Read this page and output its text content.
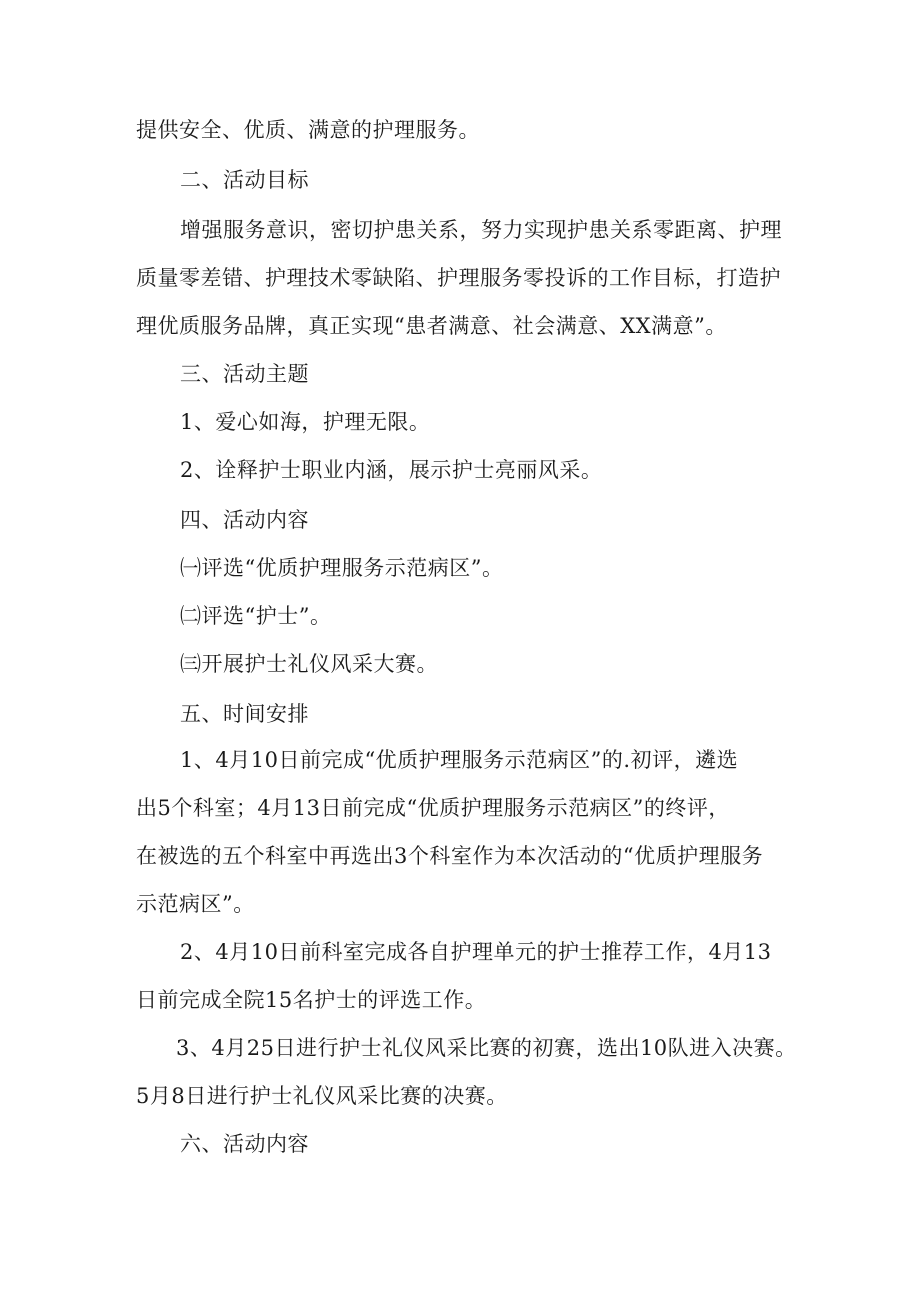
提供安全、优质、满意的护理服务。
二、活动目标
增强服务意识，密切护患关系，努力实现护患关系零距离、护理
质量零差错、护理技术零缺陷、护理服务零投诉的工作目标，打造护
理优质服务品牌，真正实现“患者满意、社会满意、XX满意”。
三、活动主题
1、爱心如海，护理无限。
2、诠释护士职业内涵，展示护士亮丽风采。
四、活动内容
㈠评选“优质护理服务示范病区”。
㈡评选“护士”。
㈢开展护士礼仪风采大赛。
五、时间安排
1、4月10日前完成“优质护理服务示范病区”的.初评，遴选
出5个科室；4月13日前完成“优质护理服务示范病区”的终评，
在被选的五个科室中再选出3个科室作为本次活动的“优质护理服务
示范病区”。
2、4月10日前科室完成各自护理单元的护士推荐工作，4月13
日前完成全院15名护士的评选工作。
3、4月25日进行护士礼仪风采比赛的初赛，选出10队进入决赛。
5月8日进行护士礼仪风采比赛的决赛。
六、活动内容
